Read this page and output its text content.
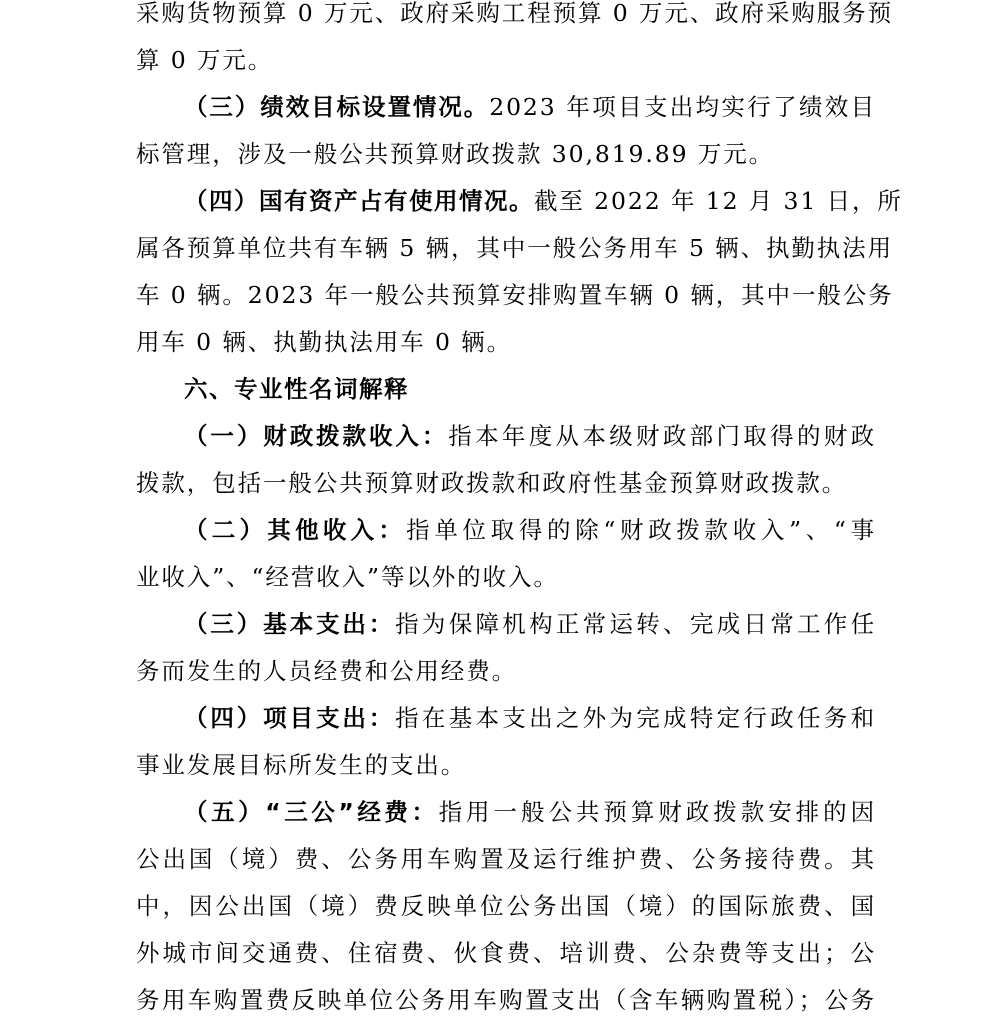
采购货物预算 0 万元、政府采购工程预算 0 万元、政府采购服务预
算 0 万元。
（三）绩效目标设置情况。2023 年项目支出均实行了绩效目
标管理，涉及一般公共预算财政拨款 30,819.89 万元。
（四）国有资产占有使用情况。截至 2022 年 12 月 31 日，所
属各预算单位共有车辆 5 辆，其中一般公务用车 5 辆、执勤执法用
车 0 辆。2023 年一般公共预算安排购置车辆 0 辆，其中一般公务
用车 0 辆、执勤执法用车 0 辆。
六、专业性名词解释
（一）财政拨款收入：指本年度从本级财政部门取得的财政
拨款，包括一般公共预算财政拨款和政府性基金预算财政拨款。
（二）其他收入：指单位取得的除“财政拨款收入”、“事
业收入”、“经营收入”等以外的收入。
（三）基本支出：指为保障机构正常运转、完成日常工作任
务而发生的人员经费和公用经费。
（四）项目支出：指在基本支出之外为完成特定行政任务和
事业发展目标所发生的支出。
（五）“三公”经费：指用一般公共预算财政拨款安排的因
公出国（境）费、公务用车购置及运行维护费、公务接待费。其
中，因公出国（境）费反映单位公务出国（境）的国际旅费、国
外城市间交通费、住宿费、伙食费、培训费、公杂费等支出；公
务用车购置费反映单位公务用车购置支出（含车辆购置税）；公务
